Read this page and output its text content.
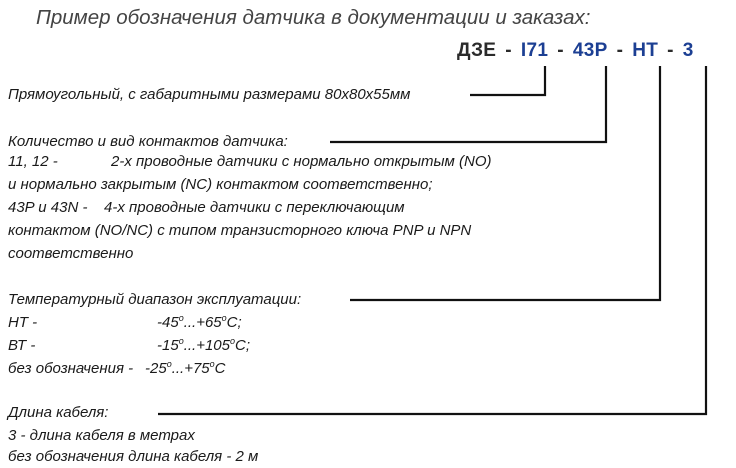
Пример обозначения датчика в документации и заказах:
ДЗЕ - I71 - 43P - НТ - 3
Прямоугольный, с габаритными размерами 80х80х55мм
Количество и вид контактов датчика:
11, 12 -	2-х проводные датчики с нормально открытым (NO)
и нормально закрытым (NC) контактом соответственно;
43P и 43N - 4-х проводные датчики с переключающим
контактом (NO/NC) с типом транзисторного ключа PNP и NPN
соответственно
Температурный диапазон эксплуатации:
НТ -	$-45^o...+65^oC$;
ВТ -	$-15^o...+105^oC$;
без обозначения - $-25^o...+75^oC$
Длина кабеля:
3 - длина кабеля в метрах
без обозначения длина кабеля - 2 м
